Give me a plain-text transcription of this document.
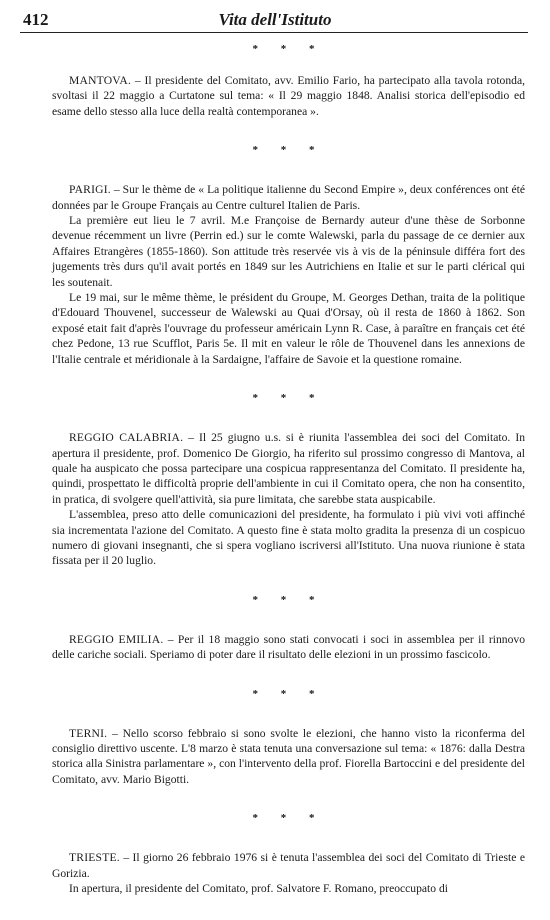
412	Vita dell'Istituto
* * *

MANTOVA. – Il presidente del Comitato, avv. Emilio Fario, ha partecipato alla tavola rotonda, svoltasi il 22 maggio a Curtatone sul tema: « Il 29 maggio 1848. Analisi storica dell'episodio ed esame dello stesso alla luce della realtà contemporanea ».

* * *

PARIGI. – Sur le thème de « La politique italienne du Second Empire », deux conférences ont été données par le Groupe Français au Centre culturel Italien de Paris.

La première eut lieu le 7 avril. M.e Françoise de Bernardy auteur d'une thèse de Sorbonne devenue récemment un livre (Perrin ed.) sur le comte Walewski, parla du passage de ce dernier aux Affaires Etrangères (1855-1860). Son attitude très reservée vis à vis de la péninsule différa fort des jugements très durs qu'il avait portés en 1849 sur les Autrichiens en Italie et sur le parti clérical qui les soutenait.

Le 19 mai, sur le même thème, le président du Groupe, M. Georges Dethan, traita de la politique d'Edouard Thouvenel, successeur de Walewski au Quai d'Orsay, où il resta de 1860 à 1862. Son exposé etait fait d'après l'ouvrage du professeur américain Lynn R. Case, à paraître en français cet été chez Pedone, 13 rue Scufflot, Paris 5e. Il mit en valeur le rôle de Thouvenel dans les annexions de l'Italie centrale et méridionale à la Sardaigne, l'affaire de Savoie et la questione romaine.

* * *

REGGIO CALABRIA. – Il 25 giugno u.s. si è riunita l'assemblea dei soci del Comitato. In apertura il presidente, prof. Domenico De Giorgio, ha riferito sul prossimo congresso di Mantova, al quale ha auspicato che possa partecipare una cospicua rappresentanza del Comitato. Il presidente ha, quindi, prospettato le difficoltà proprie dell'ambiente in cui il Comitato opera, che non ha consentito, in pratica, di svolgere quell'attività, sia pure limitata, che sarebbe stata auspicabile.

L'assemblea, preso atto delle comunicazioni del presidente, ha formulato i più vivi voti affinché sia incrementata l'azione del Comitato. A questo fine è stata molto gradita la presenza di un cospicuo numero di giovani insegnanti, che si spera vogliano iscriversi all'Istituto. Una nuova riunione è stata fissata per il 20 luglio.

* * *

REGGIO EMILIA. – Per il 18 maggio sono stati convocati i soci in assemblea per il rinnovo delle cariche sociali. Speriamo di poter dare il risultato delle elezioni in un prossimo fascicolo.

* * *

TERNI. – Nello scorso febbraio si sono svolte le elezioni, che hanno visto la riconferma del consiglio direttivo uscente. L'8 marzo è stata tenuta una conversazione sul tema: « 1876: dalla Destra storica alla Sinistra parlamentare », con l'intervento della prof. Fiorella Bartoccini e del presidente del Comitato, avv. Mario Bigotti.

* * *

TRIESTE. – Il giorno 26 febbraio 1976 si è tenuta l'assemblea dei soci del Comitato di Trieste e Gorizia.

In apertura, il presidente del Comitato, prof. Salvatore F. Romano, preoccupato di
